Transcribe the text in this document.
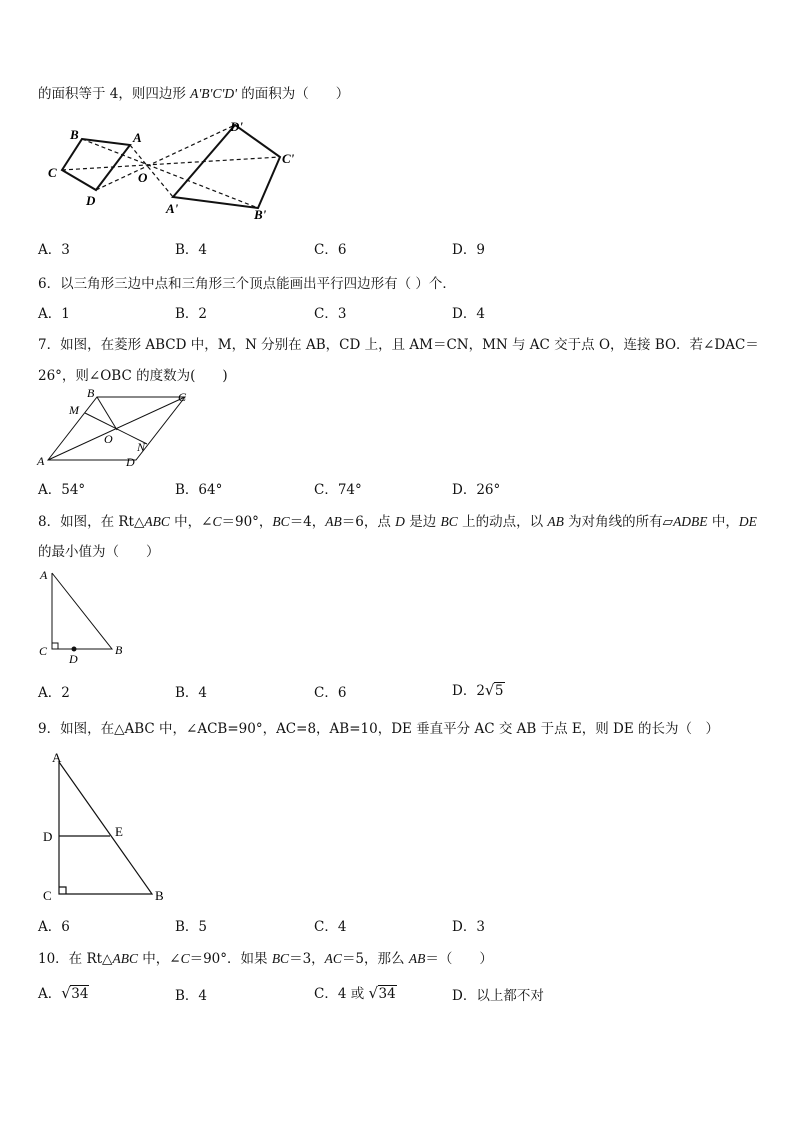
的面积等于 4，则四边形 A'B'C'D' 的面积为（　　）
B	A
C	O
D
D'
C'
A'	B'
A．3	B．4	C．6	D．9
6．以三角形三边中点和三角形三个顶点能画出平行四边形有（ ）个．
A．1	B．2	C．3	D．4
7．如图，在菱形 ABCD 中，M，N 分别在 AB，CD 上，且 AM＝CN，MN 与 AC 交于点 O，连接 BO．若∠DAC＝
26°，则∠OBC 的度数为(　　)
B	C
M
O
N
A	D
A．54°	B．64°	C．74°	D．26°
8．如图，在 Rt△ABC 中，∠C＝90°，BC＝4，AB＝6，点 D 是边 BC 上的动点，以 AB 为对角线的所有▱ADBE 中，DE
的最小值为（　　）
A
C
D
B
A．2	B．4	C．6	D．2 √ 5
9．如图，在△ABC 中，∠ACB=90°，AC=8，AB=10，DE 垂直平分 AC 交 AB 于点 E，则 DE 的长为（　）
A
D	E
C	B
A．6	B．5	C．4	D．3
10．在 Rt△ABC 中，∠C＝90°．如果 BC＝3，AC＝5，那么 AB＝（　　）
A． √ 34	B．4	C．4 或 √ 34	D．以上都不对
